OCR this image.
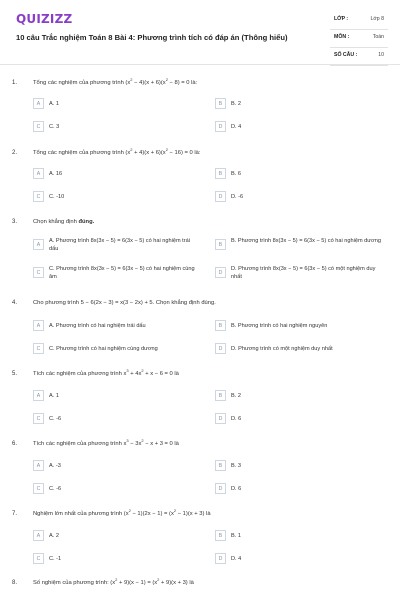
QUIZIZZ
10 câu Trắc nghiệm Toán 8 Bài 4: Phương trình tích có đáp án (Thông hiểu)
LỚP :	Lớp 8
MÔN :	Toán
SỐ CÂU :	10
1.	Tổng các nghiệm của phương trình $(x^2 - 4)(x + 6)(x^2 - 8) = 0$ là:
A	A. 1	B	B. 2
C	C. 3	D	D. 4
2.	Tổng các nghiệm của phương trình $(x^2 + 4)(x + 6)(x^2 - 16) = 0$ là:
A	A. 16	B	B. 6
C	C. -10	D	D. -6
3.	Chọn khẳng định đúng.
A
A. Phương trình 8x(3x − 5) = 6(3x − 5) có hai nghiệm trái dấu
B
B. Phương trình 8x(3x − 5) = 6(3x − 5) có hai nghiệm dương
C
C. Phương trình 8x(3x − 5) = 6(3x − 5) có hai nghiệm cùng âm
D
D. Phương trình 8x(3x − 5) = 6(3x − 5) có một nghiệm duy nhất
4.	Cho phương trình 5 − 6(2x − 3) = x(3 − 2x) + 5. Chọn khẳng định đúng.
A	A. Phương trình có hai nghiệm trái dấu	B	B. Phương trình có hai nghiệm nguyên
C	C. Phương trình có hai nghiệm cùng dương	D	D. Phương trình có một nghiệm duy nhất
5.	Tích các nghiệm của phương trình $x^3 + 4x^2 + x - 6 = 0$ là
A	A. 1	B	B. 2
C	C. -6	D	D. 6
6.	Tích các nghiệm của phương trình $x^3 - 3x^2 - x + 3 = 0$ là
A	A. -3	B	B. 3
C	C. -6	D	D. 6
7.	Nghiệm lớn nhất của phương trình $(x^2 - 1)(2x - 1) = (x^2 - 1)(x + 3)$ là
A	A. 2	B	B. 1
C	C. -1	D	D. 4
8.	Số nghiệm của phương trình: $(x^2 + 9)(x - 1) = (x^2 + 9)(x + 3)$ là
